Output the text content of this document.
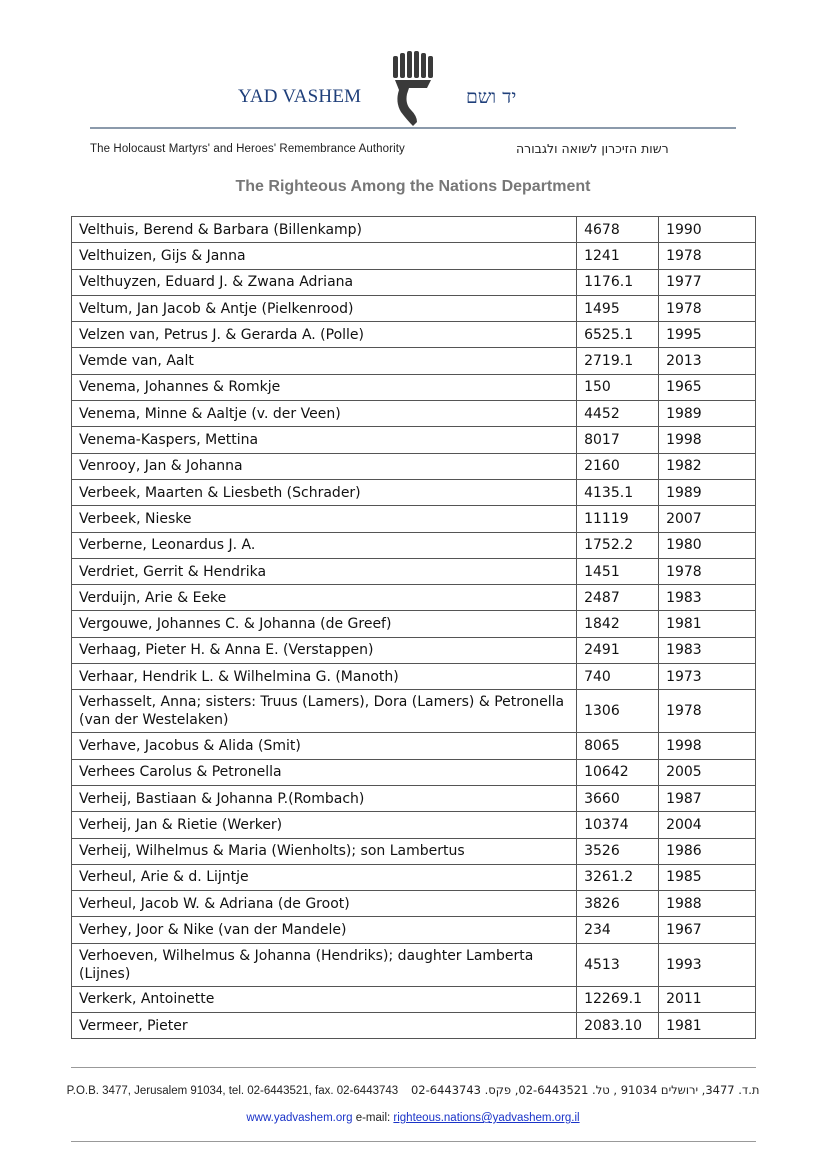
YAD VASHEM	יד ושם
The Holocaust Martyrs' and Heroes' Remembrance Authority	רשות הזיכרון לשואה ולגבורה
The Righteous Among the Nations Department
Velthuis, Berend & Barbara (Billenkamp)	4678	1990
Velthuizen, Gijs & Janna	1241	1978
Velthuyzen, Eduard J. & Zwana Adriana	1176.1	1977
Veltum, Jan Jacob & Antje (Pielkenrood)	1495	1978
Velzen van, Petrus J. & Gerarda A. (Polle)	6525.1	1995
Vemde van, Aalt	2719.1	2013
Venema, Johannes & Romkje	150	1965
Venema, Minne & Aaltje (v. der Veen)	4452	1989
Venema-Kaspers, Mettina	8017	1998
Venrooy, Jan & Johanna	2160	1982
Verbeek, Maarten & Liesbeth (Schrader)	4135.1	1989
Verbeek, Nieske	11119	2007
Verberne, Leonardus J. A.	1752.2	1980
Verdriet, Gerrit & Hendrika	1451	1978
Verduijn, Arie & Eeke	2487	1983
Vergouwe, Johannes C. & Johanna (de Greef)	1842	1981
Verhaag, Pieter H. & Anna E. (Verstappen)	2491	1983
Verhaar, Hendrik L. & Wilhelmina G. (Manoth)	740	1973
Verhasselt, Anna; sisters: Truus (Lamers), Dora (Lamers) & Petronella (van der Westelaken)	1306	1978
Verhave, Jacobus & Alida (Smit)	8065	1998
Verhees Carolus & Petronella	10642	2005
Verheij, Bastiaan & Johanna P.(Rombach)	3660	1987
Verheij, Jan & Rietie (Werker)	10374	2004
Verheij, Wilhelmus & Maria (Wienholts); son Lambertus	3526	1986
Verheul, Arie & d. Lijntje	3261.2	1985
Verheul, Jacob W. & Adriana (de Groot)	3826	1988
Verhey, Joor & Nike (van der Mandele)	234	1967
Verhoeven, Wilhelmus & Johanna (Hendriks); daughter Lamberta (Lijnes)	4513	1993
Verkerk, Antoinette	12269.1	2011
Vermeer, Pieter	2083.10	1981
P.O.B. 3477, Jerusalem 91034, tel. 02-6443521, fax. 02-6443743 ת.ד. 3477, ירושלים 91034 , טל. 02-6443521, פקס. 02-6443743
www.yadvashem.org e-mail: righteous.nations@yadvashem.org.il
